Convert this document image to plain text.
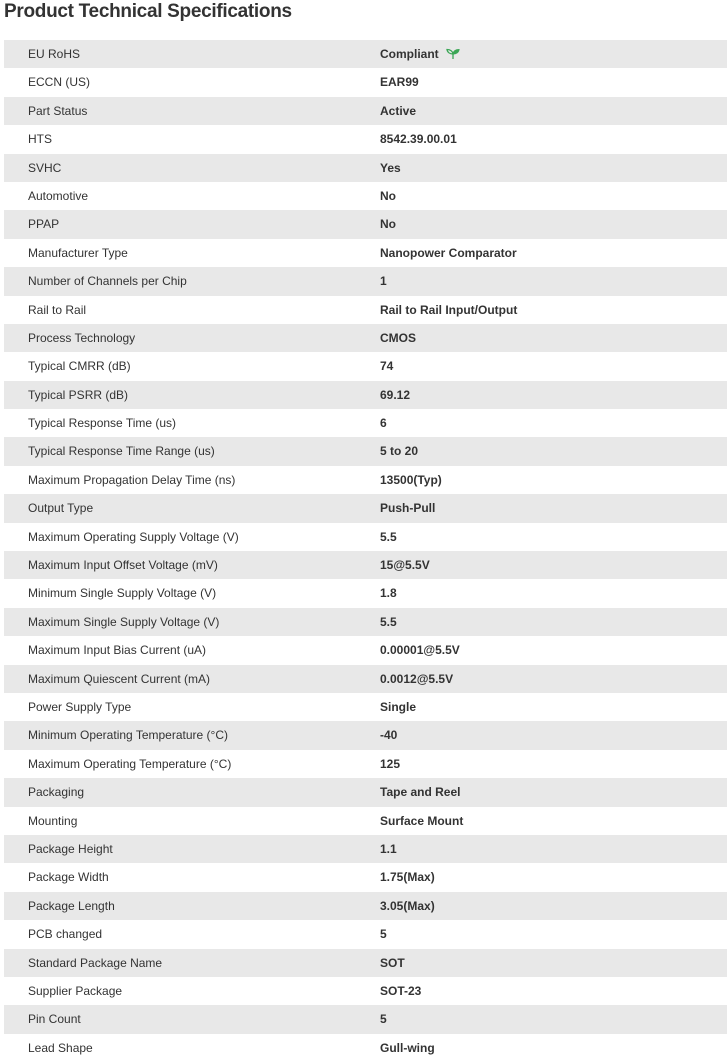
Product Technical Specifications
EU RoHS	Compliant
ECCN (US)	EAR99
Part Status	Active
HTS	8542.39.00.01
SVHC	Yes
Automotive	No
PPAP	No
Manufacturer Type	Nanopower Comparator
Number of Channels per Chip	1
Rail to Rail	Rail to Rail Input/Output
Process Technology	CMOS
Typical CMRR (dB)	74
Typical PSRR (dB)	69.12
Typical Response Time (us)	6
Typical Response Time Range (us)	5 to 20
Maximum Propagation Delay Time (ns)	13500(Typ)
Output Type	Push-Pull
Maximum Operating Supply Voltage (V)	5.5
Maximum Input Offset Voltage (mV)	15@5.5V
Minimum Single Supply Voltage (V)	1.8
Maximum Single Supply Voltage (V)	5.5
Maximum Input Bias Current (uA)	0.00001@5.5V
Maximum Quiescent Current (mA)	0.0012@5.5V
Power Supply Type	Single
Minimum Operating Temperature (°C)	-40
Maximum Operating Temperature (°C)	125
Packaging	Tape and Reel
Mounting	Surface Mount
Package Height	1.1
Package Width	1.75(Max)
Package Length	3.05(Max)
PCB changed	5
Standard Package Name	SOT
Supplier Package	SOT-23
Pin Count	5
Lead Shape	Gull-wing
